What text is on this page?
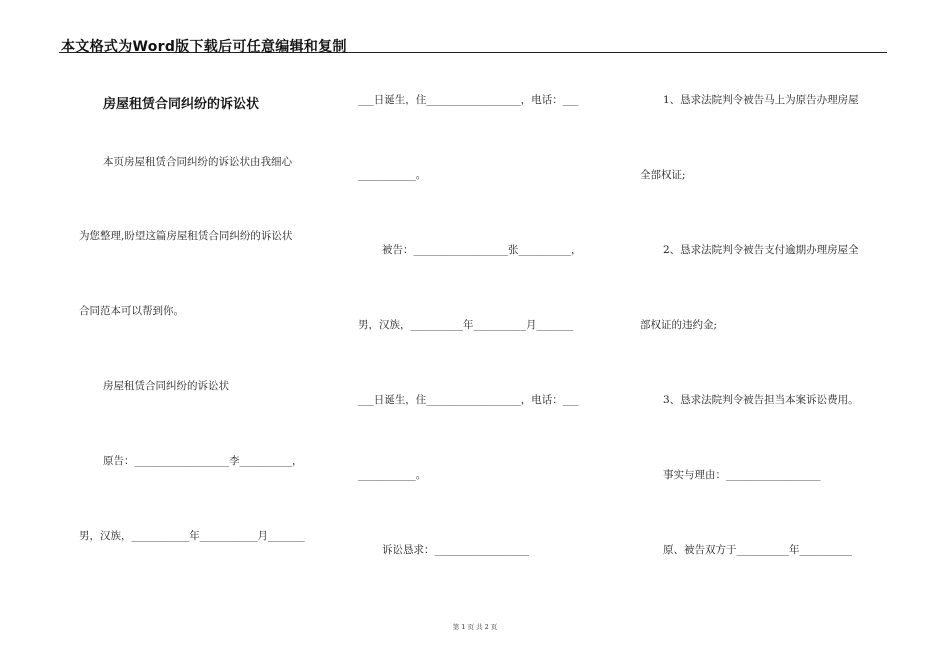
本文格式为Word版下载后可任意编辑和复制
房屋租赁合同纠纷的诉讼状
本页房屋租赁合同纠纷的诉讼状由我细心
为您整理,盼望这篇房屋租赁合同纠纷的诉讼状
合同范本可以帮到你。
房屋租赁合同纠纷的诉讼状
原告：__________________李__________，
男，汉族，___________年___________月_______
___日诞生，住__________________，电话：___
___________。
被告：__________________张__________，
男，汉族，__________年__________月_______
___日诞生，住__________________，电话：___
___________。
诉讼恳求：__________________
1、恳求法院判令被告马上为原告办理房屋
全部权证;
2、恳求法院判令被告支付逾期办理房屋全
部权证的违约金;
3、恳求法院判令被告担当本案诉讼费用。
事实与理由：__________________
原、被告双方于__________年__________
第 1 页 共 2 页
